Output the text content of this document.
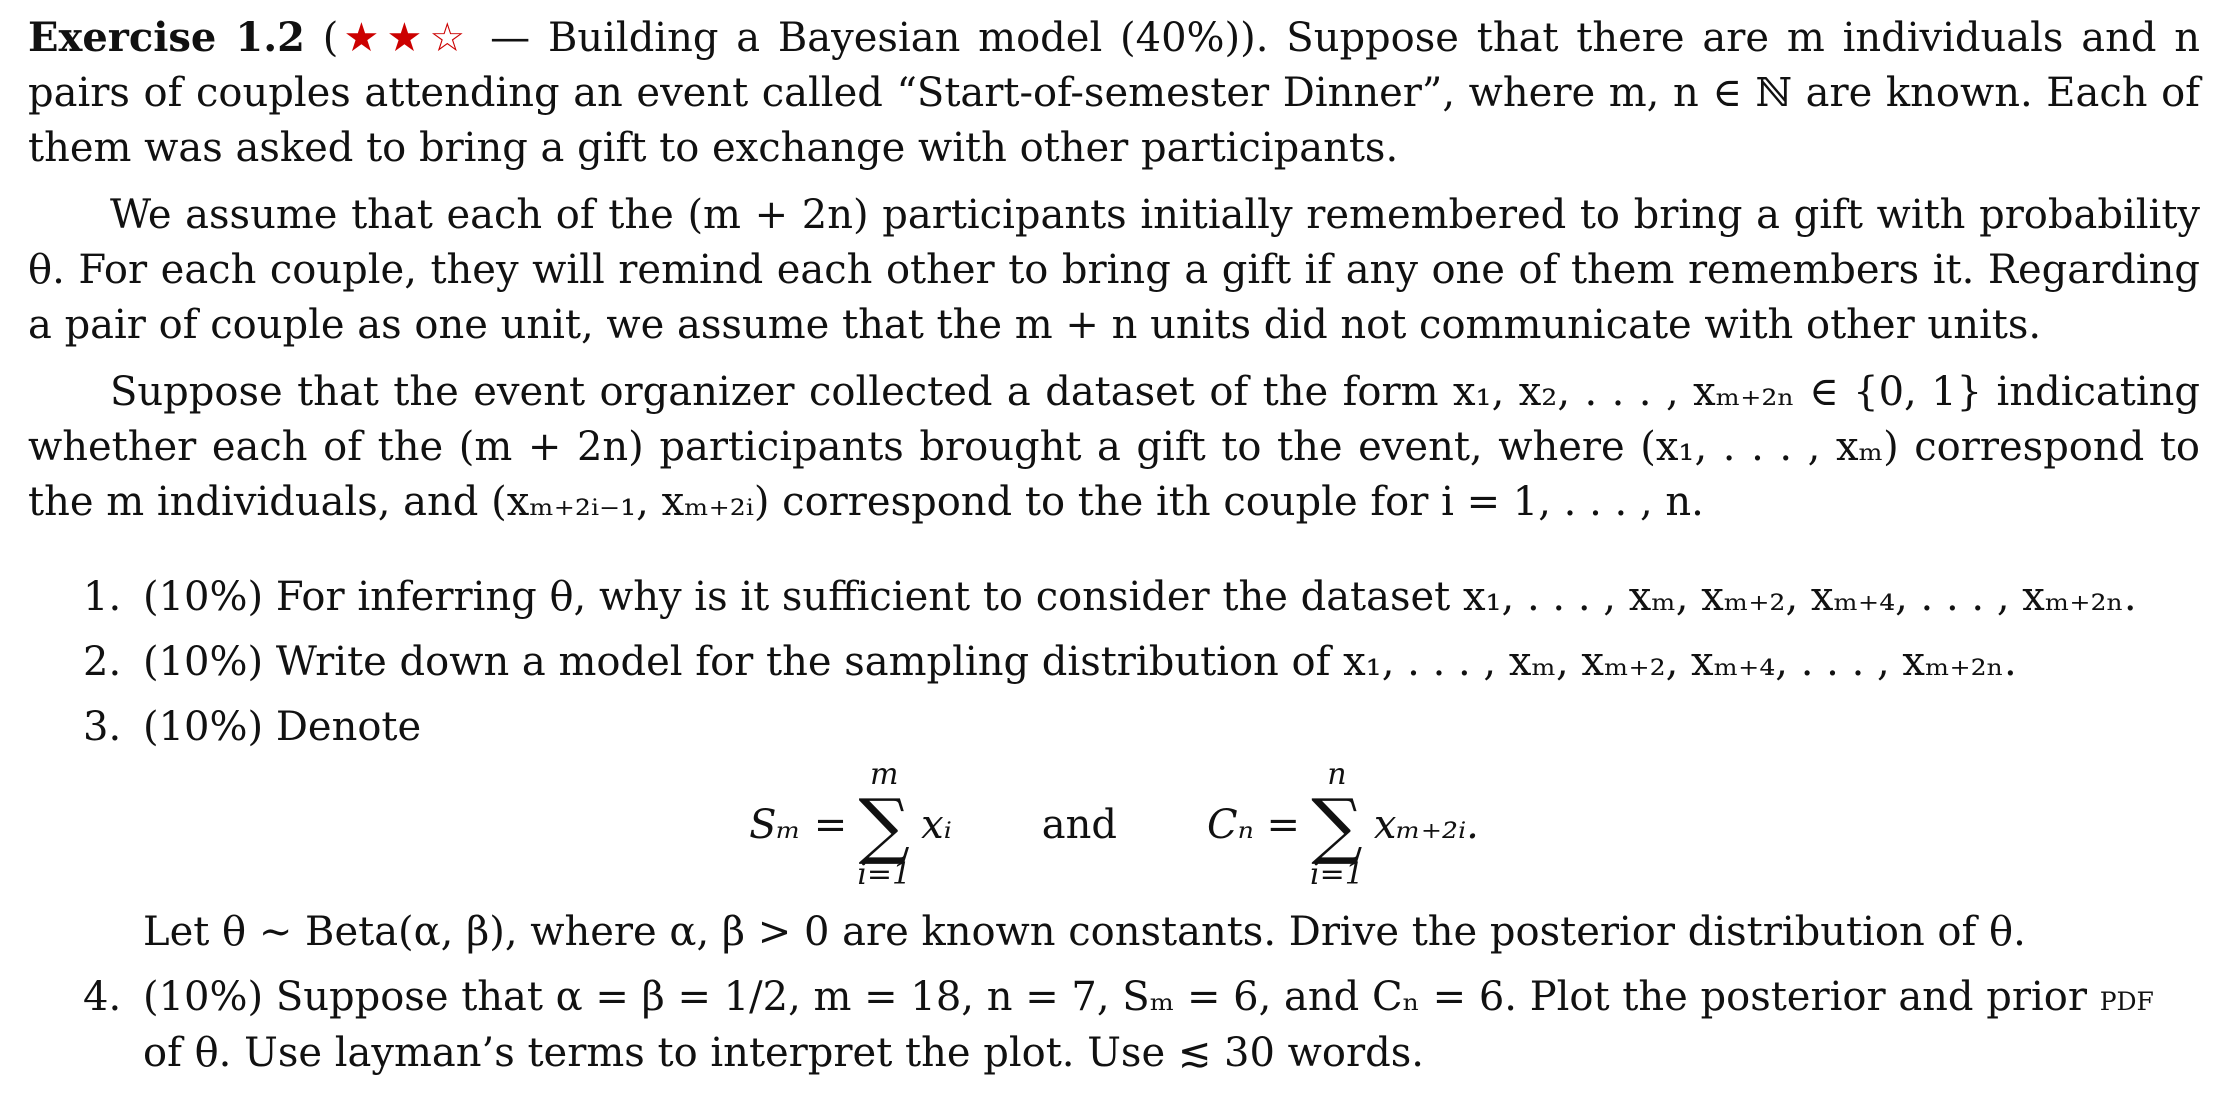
Exercise 1.2 (★★☆ — Building a Bayesian model (40%)). Suppose that there are m individuals and n pairs of couples attending an event called “Start-of-semester Dinner”, where m, n ∈ ℕ are known. Each of them was asked to bring a gift to exchange with other participants.

We assume that each of the (m + 2n) participants initially remembered to bring a gift with probability θ. For each couple, they will remind each other to bring a gift if any one of them remembers it. Regarding a pair of couple as one unit, we assume that the m + n units did not communicate with other units.

Suppose that the event organizer collected a dataset of the form x₁, x₂, . . . , xₘ₊₂ₙ ∈ {0, 1} indicating whether each of the (m + 2n) participants brought a gift to the event, where (x₁, . . . , xₘ) correspond to the m individuals, and (xₘ₊₂ᵢ₋₁, xₘ₊₂ᵢ) correspond to the ith couple for i = 1, . . . , n.

1. (10%) For inferring θ, why is it sufficient to consider the dataset x₁, . . . , xₘ, xₘ₊₂, xₘ₊₄, . . . , xₘ₊₂ₙ.
2. (10%) Write down a model for the sampling distribution of x₁, . . . , xₘ, xₘ₊₂, xₘ₊₄, . . . , xₘ₊₂ₙ.
3. (10%) Denote
Sₘ =
m
∑
i=1
xᵢ and Cₙ =
n
∑
i=1
xₘ₊₂ᵢ.
Let θ ∼ Beta(α, β), where α, β > 0 are known constants. Drive the posterior distribution of θ.
4. (10%) Suppose that α = β = 1/2, m = 18, n = 7, Sₘ = 6, and Cₙ = 6. Plot the posterior and prior pdf of θ. Use layman’s terms to interpret the plot. Use ≲ 30 words.
